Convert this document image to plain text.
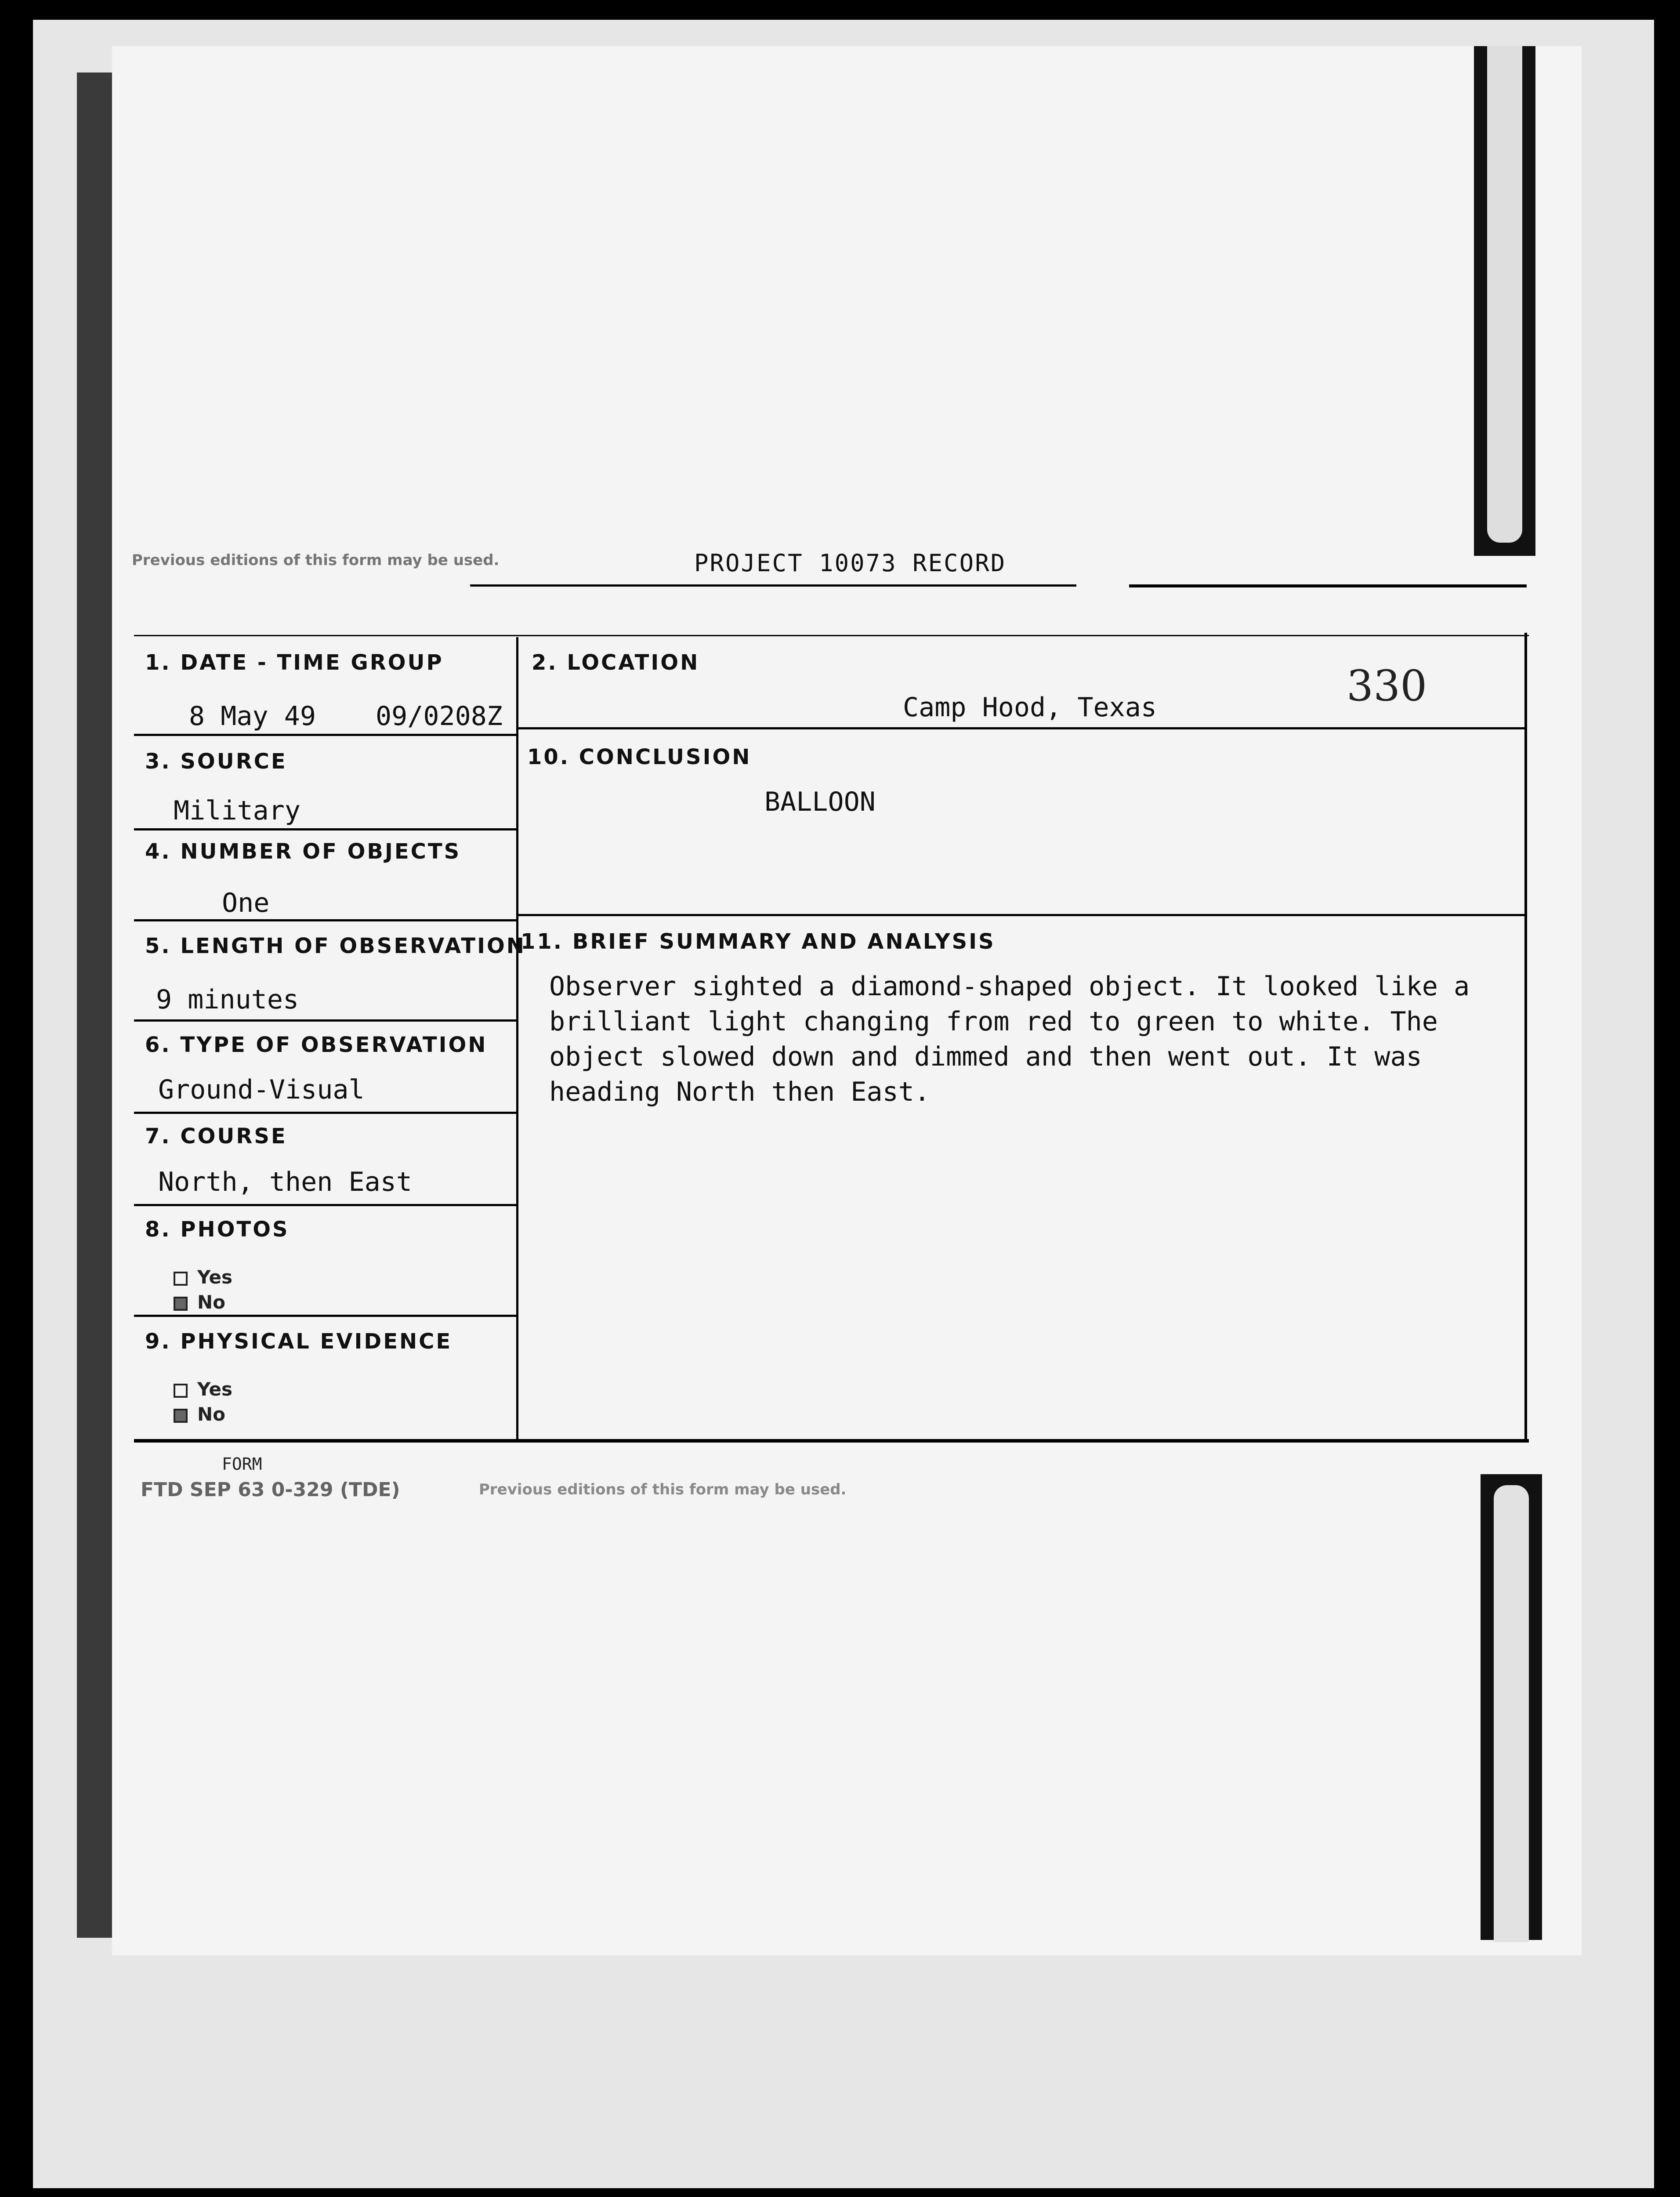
Previous editions of this form may be used.
330
PROJECT 10073 RECORD
1. DATE - TIME GROUP
8 May 49 09/0208Z
2. LOCATION
Camp Hood, Texas
3. SOURCE
Military
10. CONCLUSION
BALLOON
4. NUMBER OF OBJECTS
One
5. LENGTH OF OBSERVATION
9 minutes
11. BRIEF SUMMARY AND ANALYSIS
Observer sighted a diamond-shaped object. It looked like a
brilliant light changing from red to green to white. The
object slowed down and dimmed and then went out. It was
heading North then East.
6. TYPE OF OBSERVATION
Ground-Visual
7. COURSE
North, then East
8. PHOTOS
Yes
No
9. PHYSICAL EVIDENCE
Yes
No
FORM
FTD SEP 63 0-329 (TDE)	Previous editions of this form may be used.
